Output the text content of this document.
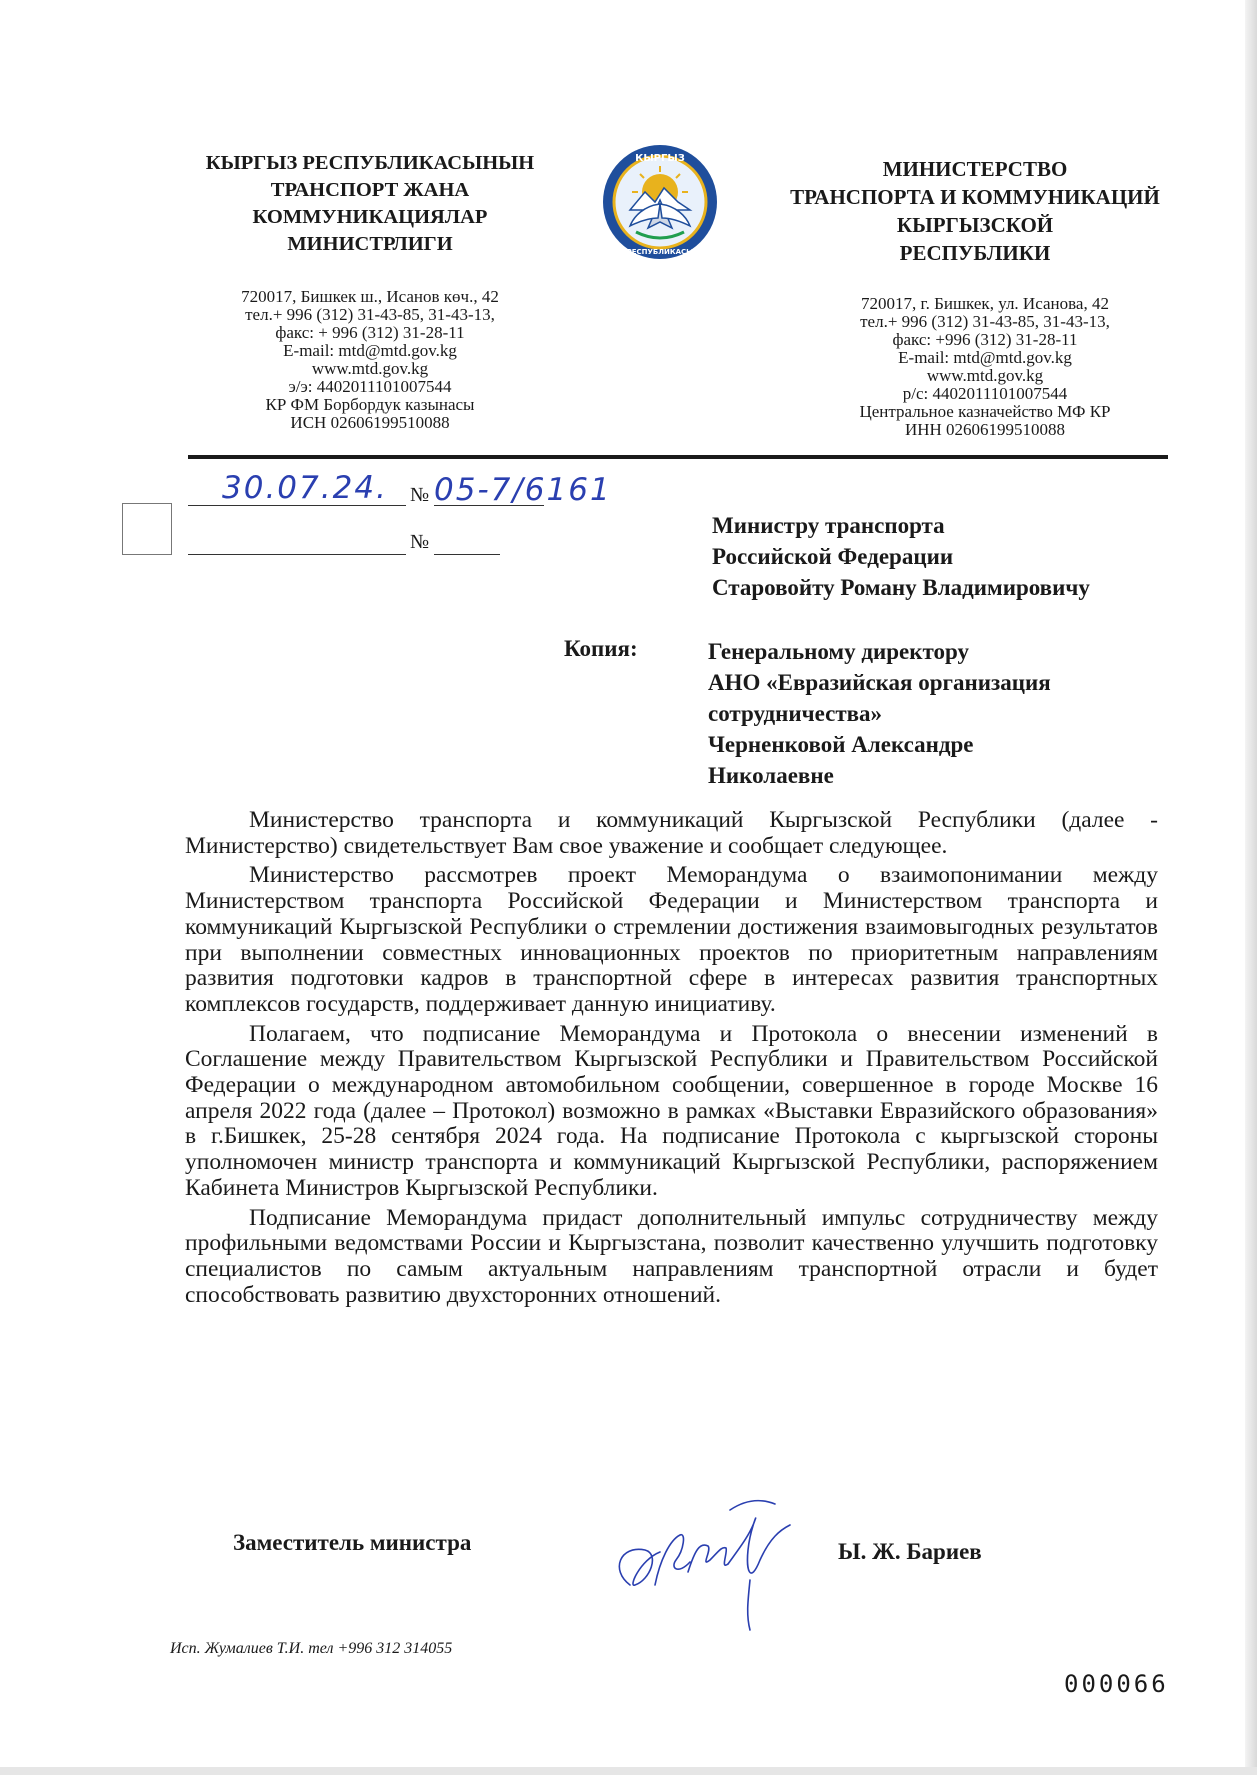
КЫРГЫЗ РЕСПУБЛИКАСЫНЫН
ТРАНСПОРТ ЖАНА
КОММУНИКАЦИЯЛАР
МИНИСТРЛИГИ
КЫРГЫЗ
РЕСПУБЛИКАСЫ
МИНИСТЕРСТВО
ТРАНСПОРТА И КОММУНИКАЦИЙ
КЫРГЫЗСКОЙ
РЕСПУБЛИКИ
720017, Бишкек ш., Исанов көч., 42
тел.+ 996 (312) 31-43-85, 31-43-13,
факс: + 996 (312) 31-28-11
E-mail: mtd@mtd.gov.kg
www.mtd.gov.kg
э/э: 4402011101007544
КР ФМ Борбордук казынасы
ИСН 02606199510088
720017, г. Бишкек, ул. Исанова, 42
тел.+ 996 (312) 31-43-85, 31-43-13,
факс: +996 (312) 31-28-11
E-mail: mtd@mtd.gov.kg
www.mtd.gov.kg
р/с: 4402011101007544
Центральное казначейство МФ КР
ИНН 02606199510088
30.07.24. № 05-7/6161
№
Министру транспорта
Российской Федерации
Старовойту Роману Владимировичу
Копия:	Генеральному директору
АНО «Евразийская организация
сотрудничества»
Черненковой Александре
Николаевне

Министерство транспорта и коммуникаций Кыргызской Республики (далее - Министерство) свидетельствует Вам свое уважение и сообщает следующее.

Министерство рассмотрев проект Меморандума о взаимопонимании между Министерством транспорта Российской Федерации и Министерством транспорта и коммуникаций Кыргызской Республики о стремлении достижения взаимовыгодных результатов при выполнении совместных инновационных проектов по приоритетным направлениям развития подготовки кадров в транспортной сфере в интересах развития транспортных комплексов государств, поддерживает данную инициативу.

Полагаем, что подписание Меморандума и Протокола о внесении изменений в Соглашение между Правительством Кыргызской Республики и Правительством Российской Федерации о международном автомобильном сообщении, совершенное в городе Москве 16 апреля 2022 года (далее – Протокол) возможно в рамках «Выставки Евразийского образования» в г.Бишкек, 25-28 сентября 2024 года. На подписание Протокола с кыргызской стороны уполномочен министр транспорта и коммуникаций Кыргызской Республики, распоряжением Кабинета Министров Кыргызской Республики.

Подписание Меморандума придаст дополнительный импульс сотрудничеству между профильными ведомствами России и Кыргызстана, позволит качественно улучшить подготовку специалистов по самым актуальным направлениям транспортной отрасли и будет способствовать развитию двухсторонних отношений.

Заместитель министра	Ы. Ж. Бариев
Исп. Жумалиев Т.И. тел +996 312 314055
000066
